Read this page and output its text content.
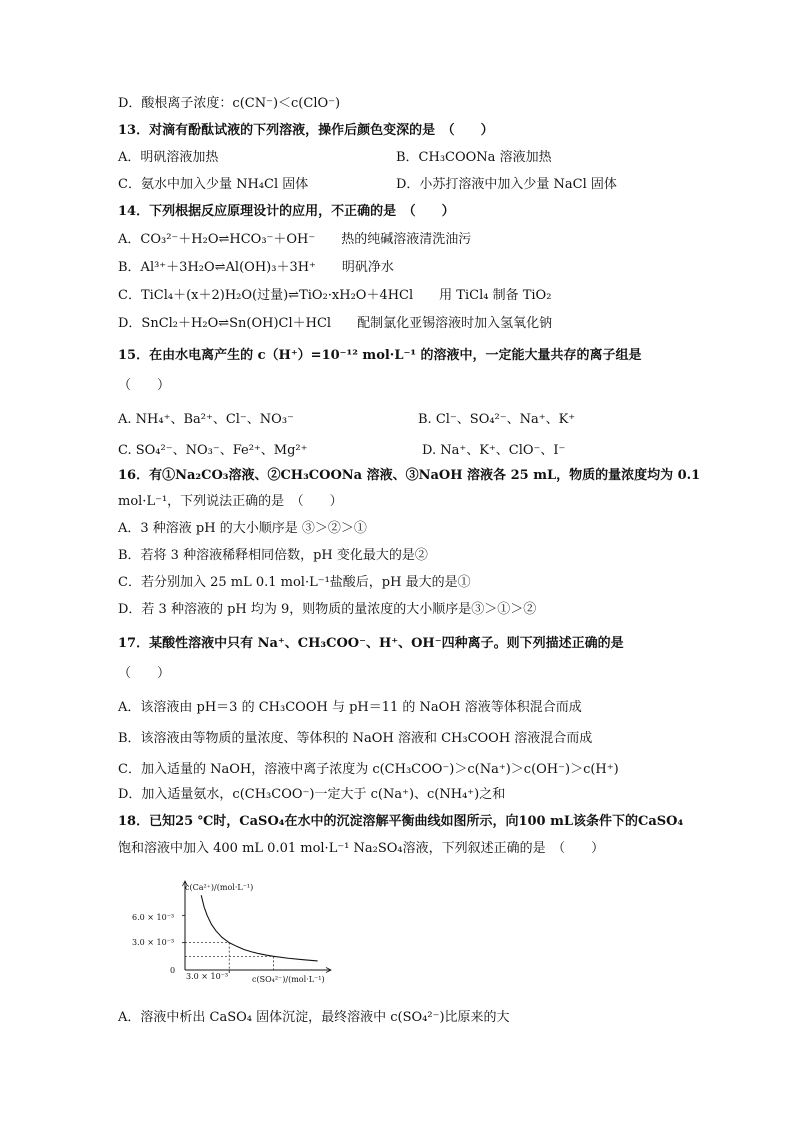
D．酸根离子浓度：c(CN⁻)＜c(ClO⁻)
13．对滴有酚酞试液的下列溶液，操作后颜色变深的是　（　　）
A．明矾溶液加热	B．CH₃COONa 溶液加热
C．氨水中加入少量 NH₄Cl 固体	D．小苏打溶液中加入少量 NaCl 固体
14．下列根据反应原理设计的应用，不正确的是　（　　）
A．CO₃²⁻＋H₂O⇌HCO₃⁻＋OH⁻　　热的纯碱溶液清洗油污
B．Al³⁺＋3H₂O⇌Al(OH)₃＋3H⁺　　明矾净水
C．TiCl₄＋(x＋2)H₂O(过量)⇌TiO₂·xH₂O＋4HCl　　用 TiCl₄ 制备 TiO₂
D．SnCl₂＋H₂O⇌Sn(OH)Cl＋HCl　　配制氯化亚锡溶液时加入氢氧化钠
15．在由水电离产生的 c（H⁺）=10⁻¹² mol·L⁻¹ 的溶液中，一定能大量共存的离子组是
（　　）
A. NH₄⁺、Ba²⁺、Cl⁻、NO₃⁻	B. Cl⁻、SO₄²⁻、Na⁺、K⁺
C. SO₄²⁻、NO₃⁻、Fe²⁺、Mg²⁺	D. Na⁺、K⁺、ClO⁻、I⁻
16．有①Na₂CO₃溶液、②CH₃COONa 溶液、③NaOH 溶液各 25 mL，物质的量浓度均为 0.1
mol·L⁻¹，下列说法正确的是　（　　）
A．3 种溶液 pH 的大小顺序是 ③＞②＞①
B．若将 3 种溶液稀释相同倍数，pH 变化最大的是②
C．若分别加入 25 mL 0.1 mol·L⁻¹盐酸后，pH 最大的是①
D．若 3 种溶液的 pH 均为 9，则物质的量浓度的大小顺序是③＞①＞②
17．某酸性溶液中只有 Na⁺、CH₃COO⁻、H⁺、OH⁻四种离子。则下列描述正确的是
（　　）
A．该溶液由 pH＝3 的 CH₃COOH 与 pH＝11 的 NaOH 溶液等体积混合而成
B．该溶液由等物质的量浓度、等体积的 NaOH 溶液和 CH₃COOH 溶液混合而成
C．加入适量的 NaOH，溶液中离子浓度为 c(CH₃COO⁻)＞c(Na⁺)＞c(OH⁻)＞c(H⁺)
D．加入适量氨水，c(CH₃COO⁻)一定大于 c(Na⁺)、c(NH₄⁺)之和
18．已知25 ℃时，CaSO₄在水中的沉淀溶解平衡曲线如图所示，向100 mL该条件下的CaSO₄
饱和溶液中加入 400 mL 0.01 mol·L⁻¹ Na₂SO₄溶液，下列叙述正确的是　（　　）
c(Ca²⁺)/(mol·L⁻¹)
c(SO₄²⁻)/(mol·L⁻¹)
0
6.0 × 10⁻³
3.0 × 10⁻³
3.0 × 10⁻³
A．溶液中析出 CaSO₄ 固体沉淀，最终溶液中 c(SO₄²⁻)比原来的大
